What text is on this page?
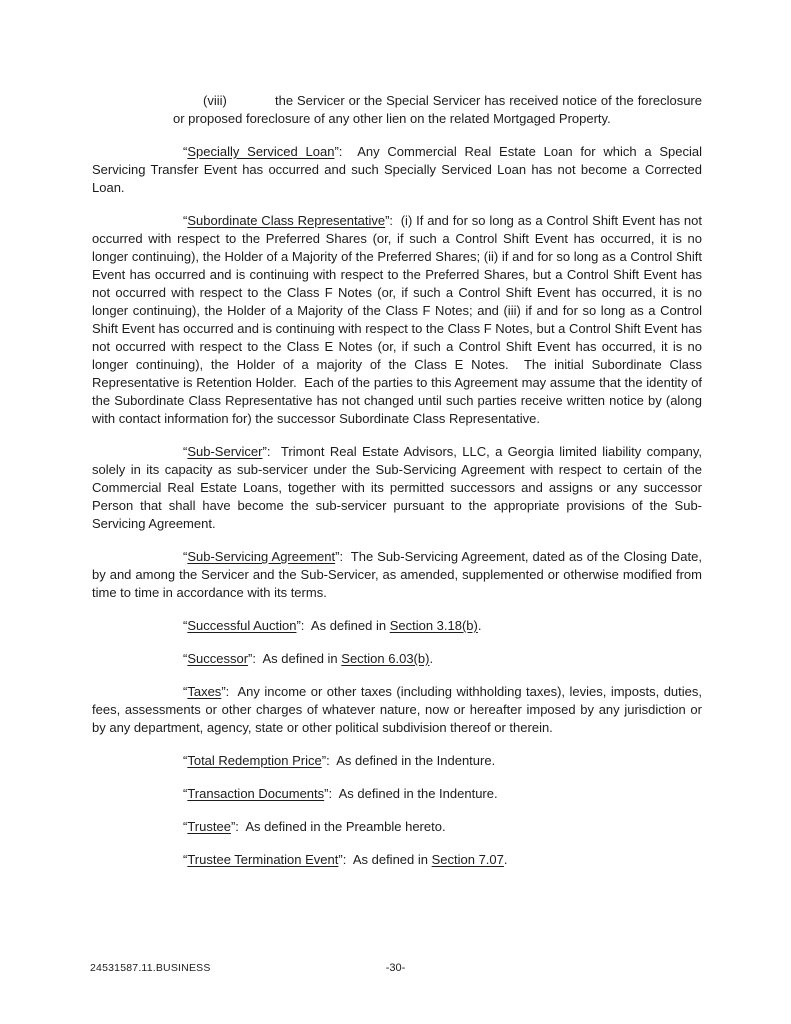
(viii)	the Servicer or the Special Servicer has received notice of the foreclosure or proposed foreclosure of any other lien on the related Mortgaged Property.

“Specially Serviced Loan”:  Any Commercial Real Estate Loan for which a Special Servicing Transfer Event has occurred and such Specially Serviced Loan has not become a Corrected Loan.

“Subordinate Class Representative”:  (i) If and for so long as a Control Shift Event has not occurred with respect to the Preferred Shares (or, if such a Control Shift Event has occurred, it is no longer continuing), the Holder of a Majority of the Preferred Shares; (ii) if and for so long as a Control Shift Event has occurred and is continuing with respect to the Preferred Shares, but a Control Shift Event has not occurred with respect to the Class F Notes (or, if such a Control Shift Event has occurred, it is no longer continuing), the Holder of a Majority of the Class F Notes; and (iii) if and for so long as a Control Shift Event has occurred and is continuing with respect to the Class F Notes, but a Control Shift Event has not occurred with respect to the Class E Notes (or, if such a Control Shift Event has occurred, it is no longer continuing), the Holder of a majority of the Class E Notes.  The initial Subordinate Class Representative is Retention Holder.  Each of the parties to this Agreement may assume that the identity of the Subordinate Class Representative has not changed until such parties receive written notice by (along with contact information for) the successor Subordinate Class Representative.

“Sub-Servicer”:  Trimont Real Estate Advisors, LLC, a Georgia limited liability company, solely in its capacity as sub-servicer under the Sub-Servicing Agreement with respect to certain of the Commercial Real Estate Loans, together with its permitted successors and assigns or any successor Person that shall have become the sub-servicer pursuant to the appropriate provisions of the Sub-Servicing Agreement.

“Sub-Servicing Agreement”:  The Sub-Servicing Agreement, dated as of the Closing Date, by and among the Servicer and the Sub-Servicer, as amended, supplemented or otherwise modified from time to time in accordance with its terms.

“Successful Auction”:  As defined in Section 3.18(b).

“Successor”:  As defined in Section 6.03(b).

“Taxes”:  Any income or other taxes (including withholding taxes), levies, imposts, duties, fees, assessments or other charges of whatever nature, now or hereafter imposed by any jurisdiction or by any department, agency, state or other political subdivision thereof or therein.

“Total Redemption Price”:  As defined in the Indenture.

“Transaction Documents”:  As defined in the Indenture.

“Trustee”:  As defined in the Preamble hereto.

“Trustee Termination Event”:  As defined in Section 7.07.

24531587.11.BUSINESS	-30-
